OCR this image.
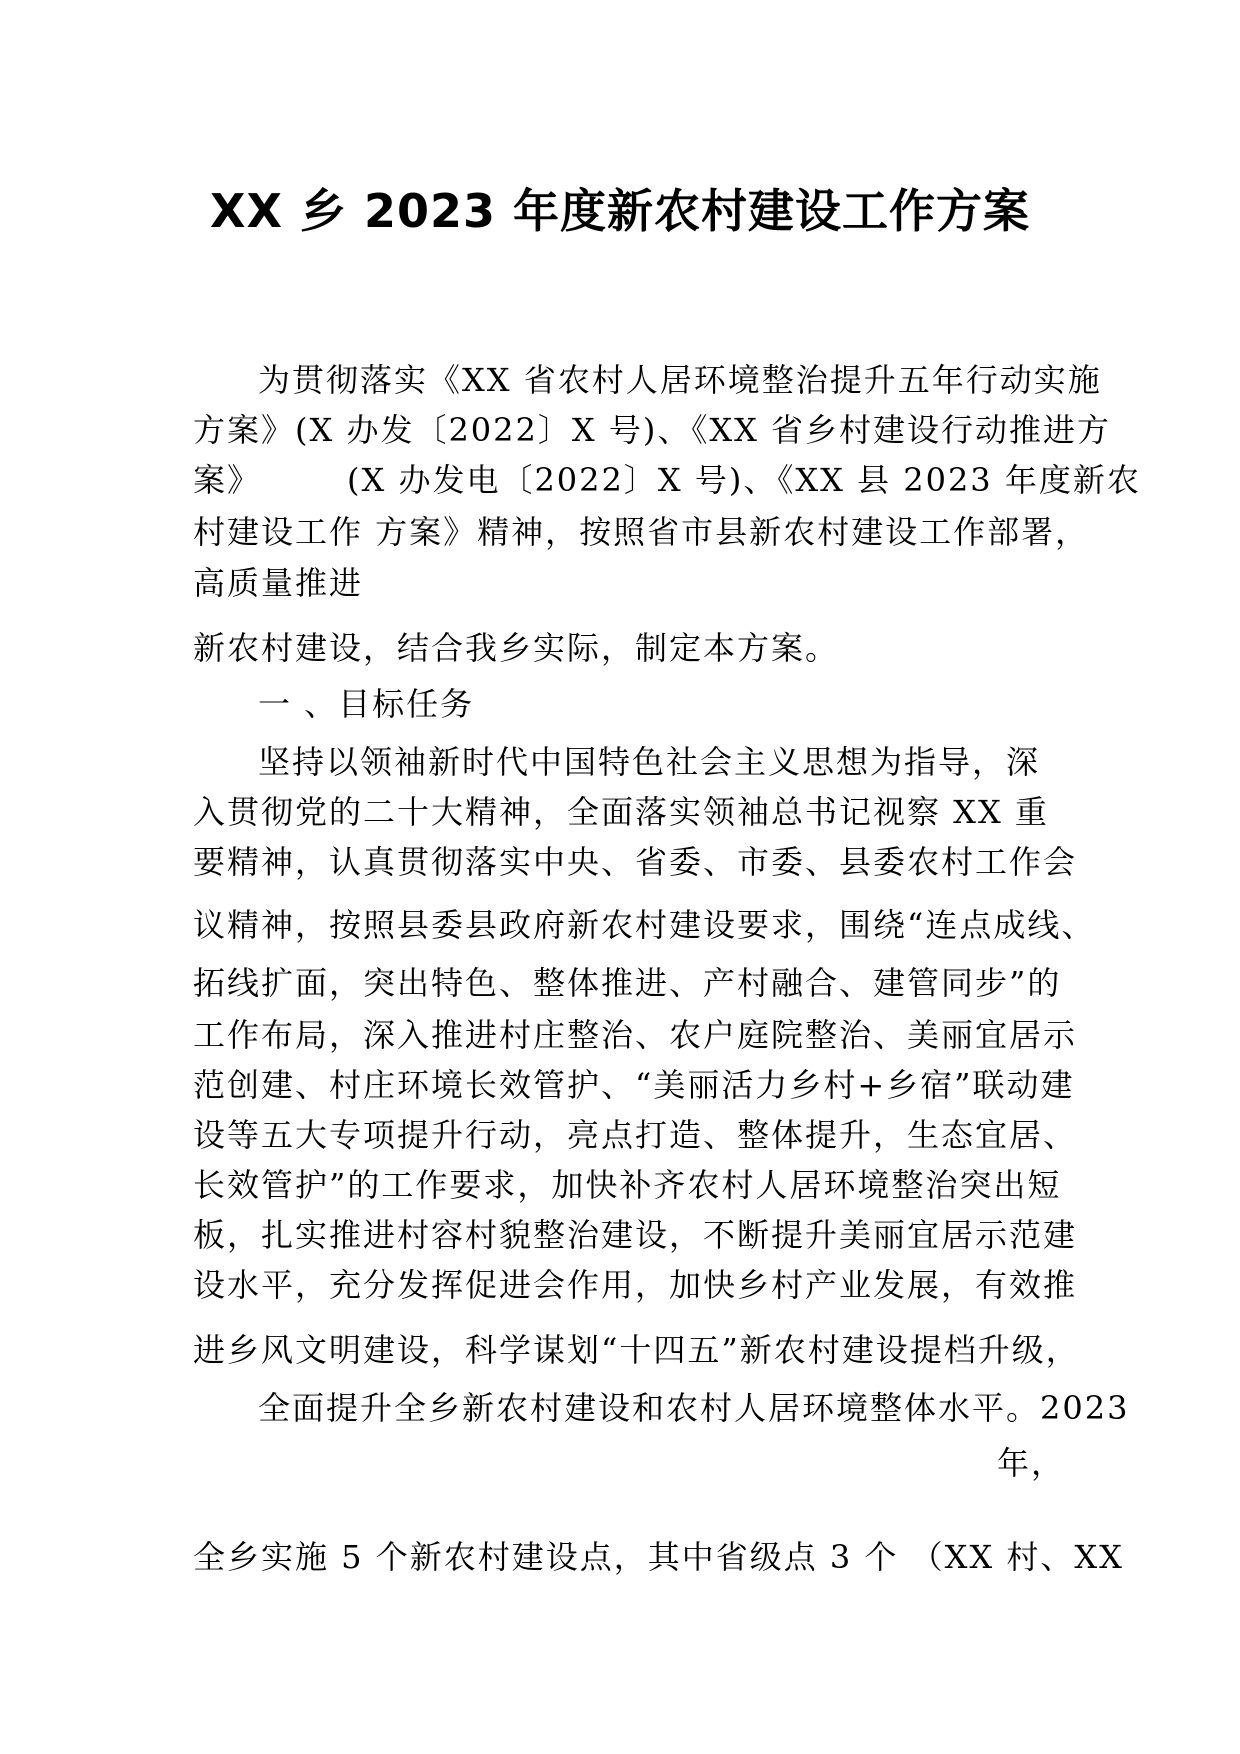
XX 乡 2023 年度新农村建设工作方案
为贯彻落实《XX 省农村人居环境整治提升五年行动实施
方案》(X 办发〔2022〕X 号)、《XX 省乡村建设行动推进方
案》　　　(X 办发电〔2022〕X 号)、《XX 县 2023 年度新农
村建设工作 方案》精神，按照省市县新农村建设工作部署，
高质量推进
新农村建设，结合我乡实际，制定本方案。
一 、目标任务
坚持以领袖新时代中国特色社会主义思想为指导，深
入贯彻党的二十大精神，全面落实领袖总书记视察 XX 重
要精神，认真贯彻落实中央、省委、市委、县委农村工作会
议精神，按照县委县政府新农村建设要求，围绕“连点成线、
拓线扩面，突出特色、整体推进、产村融合、建管同步”的
工作布局，深入推进村庄整治、农户庭院整治、美丽宜居示
范创建、村庄环境长效管护、“美丽活力乡村+乡宿”联动建
设等五大专项提升行动，亮点打造、整体提升，生态宜居、
长效管护”的工作要求，加快补齐农村人居环境整治突出短
板，扎实推进村容村貌整治建设，不断提升美丽宜居示范建
设水平，充分发挥促进会作用，加快乡村产业发展，有效推
进乡风文明建设，科学谋划“十四五”新农村建设提档升级，
全面提升全乡新农村建设和农村人居环境整体水平。2023
年，
全乡实施 5 个新农村建设点，其中省级点 3 个 （XX 村、XX
